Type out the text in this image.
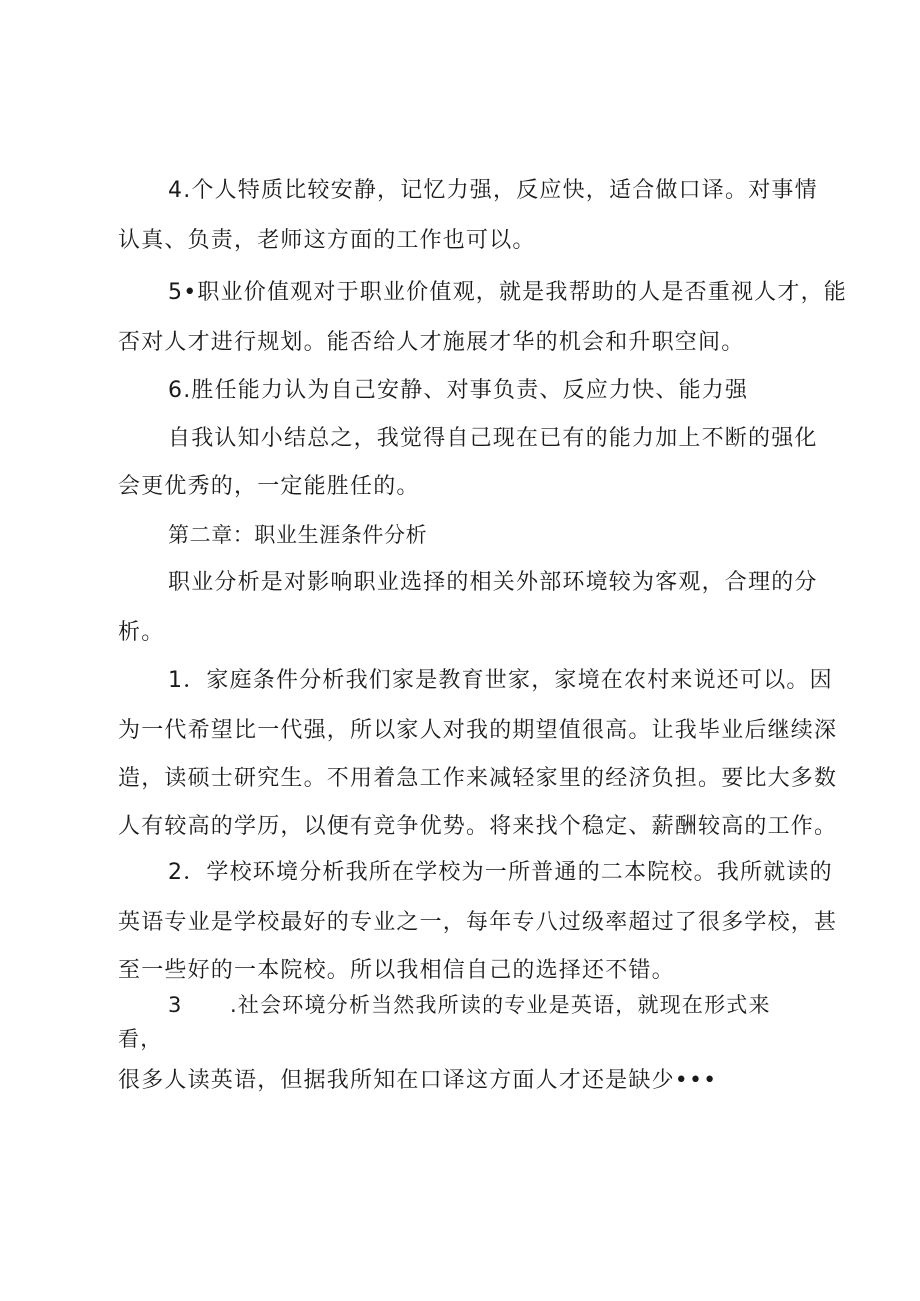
4.个人特质比较安静，记忆力强，反应快，适合做口译。对事情
认真、负责，老师这方面的工作也可以。
5•职业价值观对于职业价值观，就是我帮助的人是否重视人才，能
否对人才进行规划。能否给人才施展才华的机会和升职空间。
6.胜任能力认为自己安静、对事负责、反应力快、能力强
自我认知小结总之，我觉得自己现在已有的能力加上不断的强化
会更优秀的，一定能胜任的。
第二章：职业生涯条件分析
职业分析是对影响职业选择的相关外部环境较为客观，合理的分
析。
1．家庭条件分析我们家是教育世家，家境在农村来说还可以。因
为一代希望比一代强，所以家人对我的期望值很高。让我毕业后继续深
造，读硕士研究生。不用着急工作来减轻家里的经济负担。要比大多数
人有较高的学历，以便有竞争优势。将来找个稳定、薪酬较高的工作。
2．学校环境分析我所在学校为一所普通的二本院校。我所就读的
英语专业是学校最好的专业之一，每年专八过级率超过了很多学校，甚
至一些好的一本院校。所以我相信自己的选择还不错。
3 .社会环境分析当然我所读的专业是英语，就现在形式来
看，
很多人读英语，但据我所知在口译这方面人才还是缺少•••
